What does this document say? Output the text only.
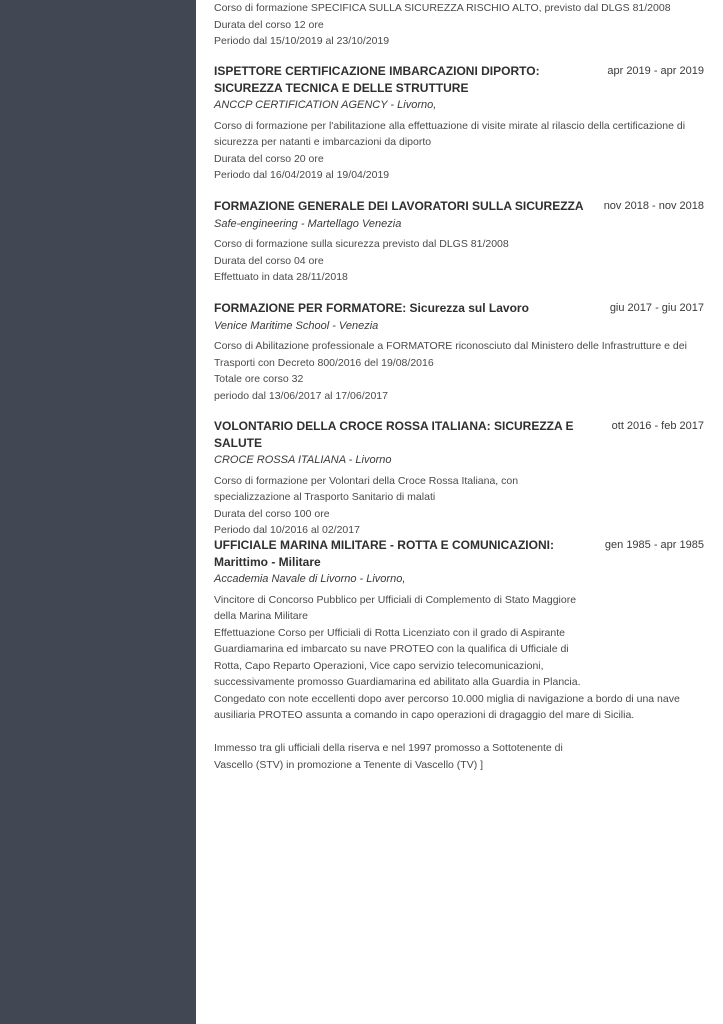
Corso di formazione SPECIFICA SULLA SICUREZZA RISCHIO ALTO, previsto dal DLGS 81/2008
Durata del corso 12 ore
Periodo dal 15/10/2019 al 23/10/2019
ISPETTORE CERTIFICAZIONE IMBARCAZIONI DIPORTO: SICUREZZA TECNICA E DELLE STRUTTURE
apr 2019 - apr 2019
ANCCP CERTIFICATION AGENCY - Livorno,
Corso di formazione per l'abilitazione alla effettuazione di visite mirate al rilascio della certificazione di
sicurezza per natanti e imbarcazioni da diporto
Durata del corso 20 ore
Periodo dal 16/04/2019 al 19/04/2019
FORMAZIONE GENERALE DEI LAVORATORI SULLA SICUREZZA	nov 2018 - nov 2018
Safe-engineering - Martellago Venezia
Corso di formazione sulla sicurezza previsto dal DLGS 81/2008
Durata del corso 04 ore
Effettuato in data 28/11/2018
FORMAZIONE PER FORMATORE: Sicurezza sul Lavoro	giu 2017 - giu 2017
Venice Maritime School - Venezia
Corso di Abilitazione professionale a FORMATORE riconosciuto dal Ministero delle Infrastrutture e dei
Trasporti con Decreto 800/2016 del 19/08/2016
Totale ore corso 32
periodo dal 13/06/2017 al 17/06/2017
VOLONTARIO DELLA CROCE ROSSA ITALIANA: SICUREZZA E SALUTE
ott 2016 - feb 2017
CROCE ROSSA ITALIANA - Livorno
Corso di formazione per Volontari della Croce Rossa Italiana, con
specializzazione al Trasporto Sanitario di malati
Durata del corso 100 ore
Periodo dal 10/2016 al 02/2017
UFFICIALE MARINA MILITARE - ROTTA E COMUNICAZIONI: Marittimo - Militare
gen 1985 - apr 1985
Accademia Navale di Livorno - Livorno,
Vincitore di Concorso Pubblico per Ufficiali di Complemento di Stato Maggiore
della Marina Militare
Effettuazione Corso per Ufficiali di Rotta Licenziato con il grado di Aspirante
Guardiamarina ed imbarcato su nave PROTEO con la qualifica di Ufficiale di
Rotta, Capo Reparto Operazioni, Vice capo servizio telecomunicazioni,
successivamente promosso Guardiamarina ed abilitato alla Guardia in Plancia.
Congedato con note eccellenti dopo aver percorso 10.000 miglia di navigazione a bordo di una nave
ausiliaria PROTEO assunta a comando in capo operazioni di dragaggio del mare di Sicilia.
Immesso tra gli ufficiali della riserva e nel 1997 promosso a Sottotenente di
Vascello (STV) in promozione a Tenente di Vascello (TV) ]
